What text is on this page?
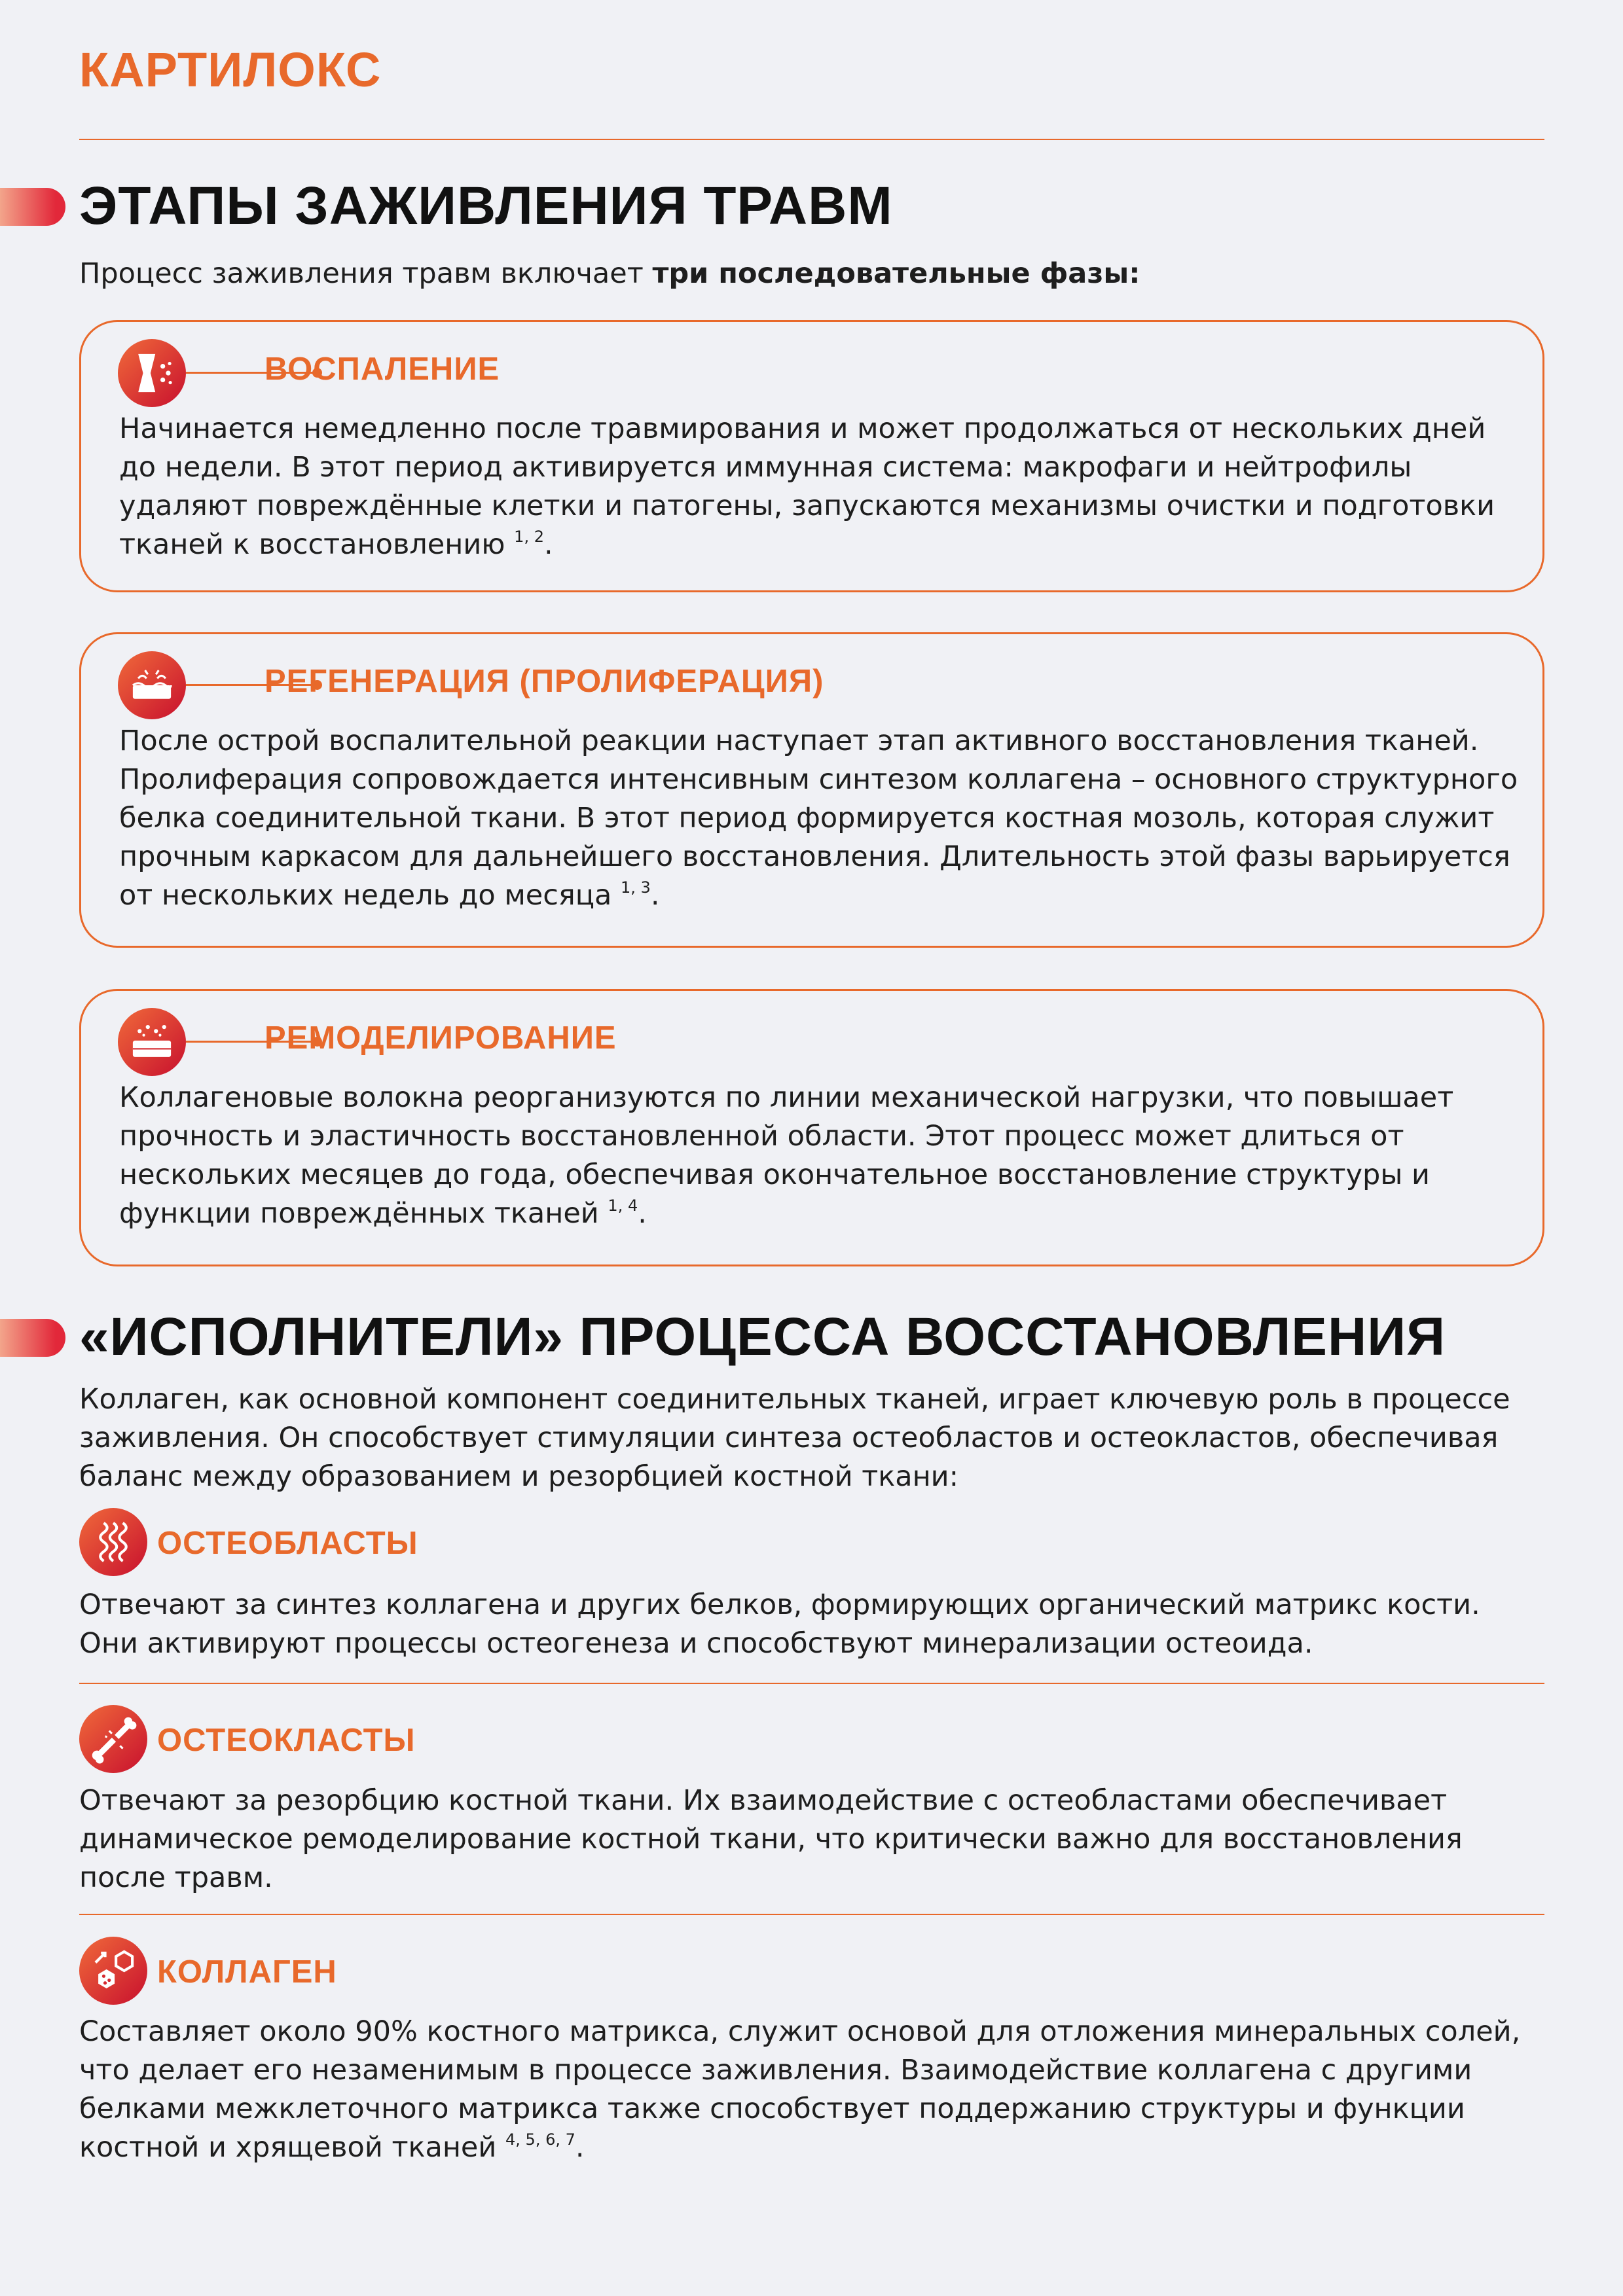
КАРТИЛОКС
ЭТАПЫ ЗАЖИВЛЕНИЯ ТРАВМ
Процесс заживления травм включает три последовательные фазы:
ВОСПАЛЕНИЕ
Начинается немедленно после травмирования и может продолжаться от нескольких дней до недели. В этот период активируется иммунная система: макрофаги и нейтрофилы удаляют повреждённые клетки и патогены, запускаются механизмы очистки и подготовки тканей к восстановлению $^{1, 2}$.
РЕГЕНЕРАЦИЯ (ПРОЛИФЕРАЦИЯ)
После острой воспалительной реакции наступает этап активного восстановления тканей. Пролиферация сопровождается интенсивным синтезом коллагена – основного структурного белка соединительной ткани. В этот период формируется костная мозоль, которая служит прочным каркасом для дальнейшего восстановления. Длительность этой фазы варьируется от нескольких недель до месяца $^{1, 3}$.
РЕМОДЕЛИРОВАНИЕ
Коллагеновые волокна реорганизуются по линии механической нагрузки, что повышает прочность и эластичность восстановленной области. Этот процесс может длиться от нескольких месяцев до года, обеспечивая окончательное восстановление структуры и функции повреждённых тканей $^{1, 4}$.
«ИСПОЛНИТЕЛИ» ПРОЦЕССА ВОССТАНОВЛЕНИЯ
Коллаген, как основной компонент соединительных тканей, играет ключевую роль в процессе заживления. Он способствует стимуляции синтеза остеобластов и остеокластов, обеспечивая баланс между образованием и резорбцией костной ткани:
ОСТЕОБЛАСТЫ
Отвечают за синтез коллагена и других белков, формирующих органический матрикс кости. Они активируют процессы остеогенеза и способствуют минерализации остеоида.
ОСТЕОКЛАСТЫ
Отвечают за резорбцию костной ткани. Их взаимодействие с остеобластами обеспечивает динамическое ремоделирование костной ткани, что критически важно для восстановления после травм.
КОЛЛАГЕН
Составляет около 90% костного матрикса, служит основой для отложения минеральных солей, что делает его незаменимым в процессе заживления. Взаимодействие коллагена с другими белками межклеточного матрикса также способствует поддержанию структуры и функции костной и хрящевой тканей $^{4, 5, 6, 7}$.
